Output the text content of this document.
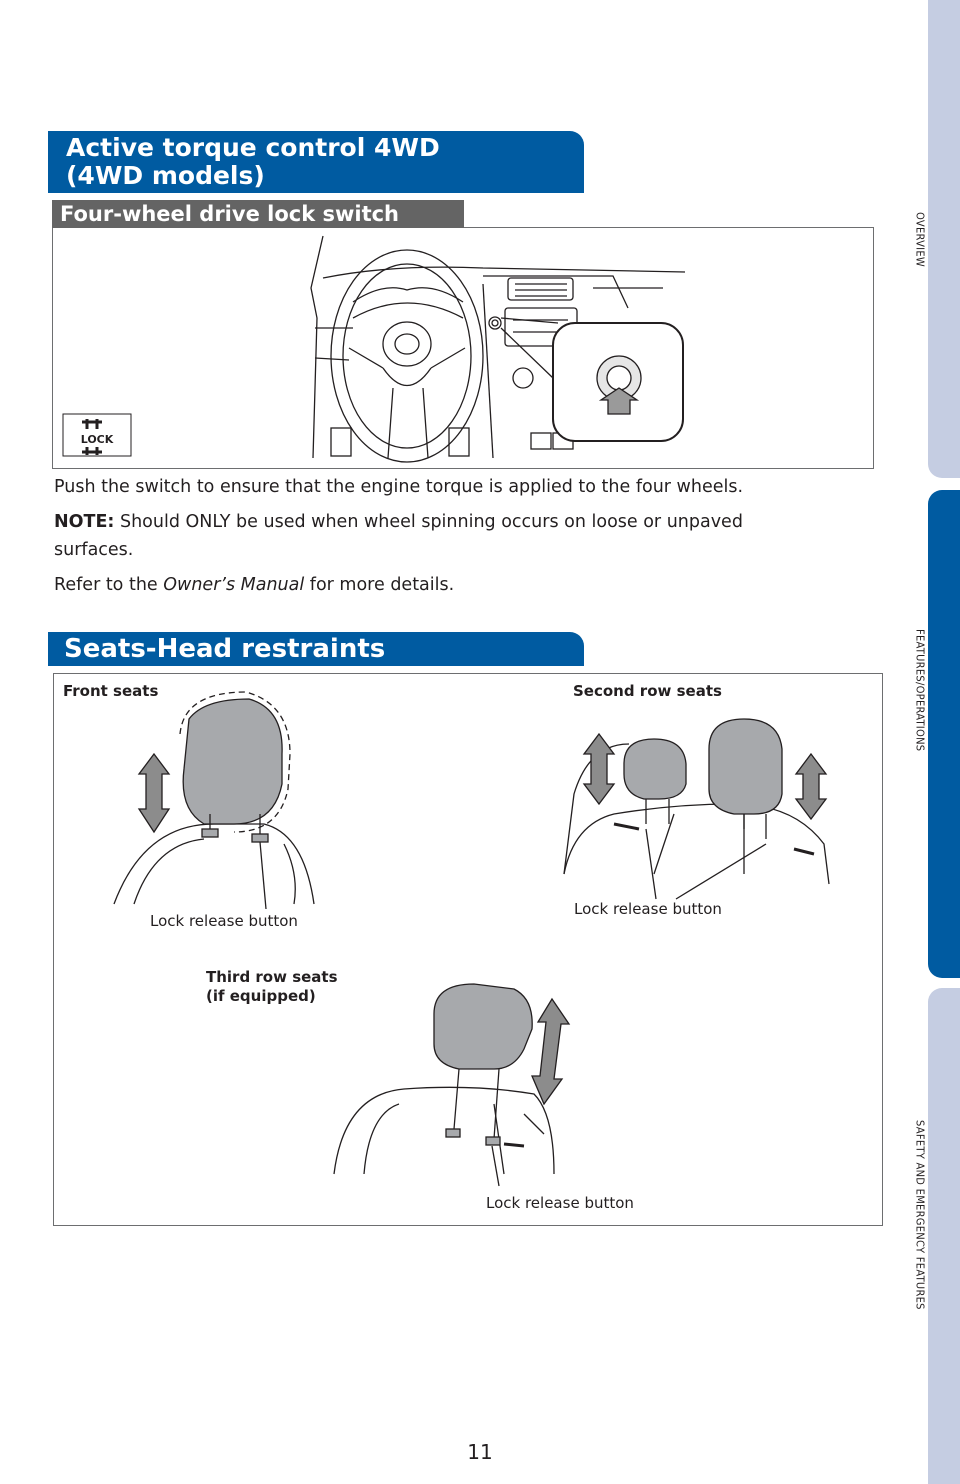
OVERVIEW
FEATURES/OPERATIONS
SAFETY AND EMERGENCY FEATURES
Active torque control 4WD
(4WD models)
LOCK
Four-wheel drive lock switch
Push the switch to ensure that the engine torque is applied to the four wheels.
NOTE: Should ONLY be used when wheel spinning occurs on loose or unpaved
surfaces.
Refer to the Owner’s Manual for more details.
Front seats	Second row seats
Lock release button
Lock release button
Third row seats
(if equipped)
Lock release button
Seats-Head restraints
11
